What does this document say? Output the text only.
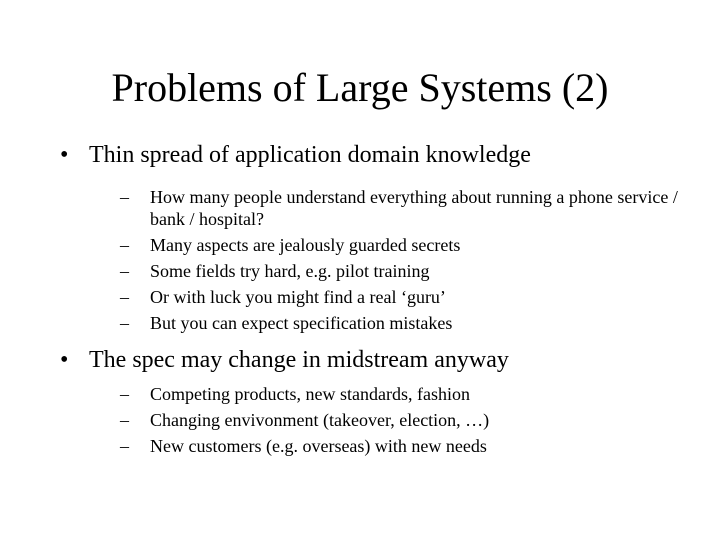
Problems of Large Systems (2)
• Thin spread of application domain knowledge
– How many people understand everything about running a phone service / bank / hospital?
– Many aspects are jealously guarded secrets
– Some fields try hard, e.g. pilot training
– Or with luck you might find a real ‘guru’
– But you can expect specification mistakes
• The spec may change in midstream anyway
– Competing products, new standards, fashion
– Changing envivonment (takeover, election, …)
– New customers (e.g. overseas) with new needs
